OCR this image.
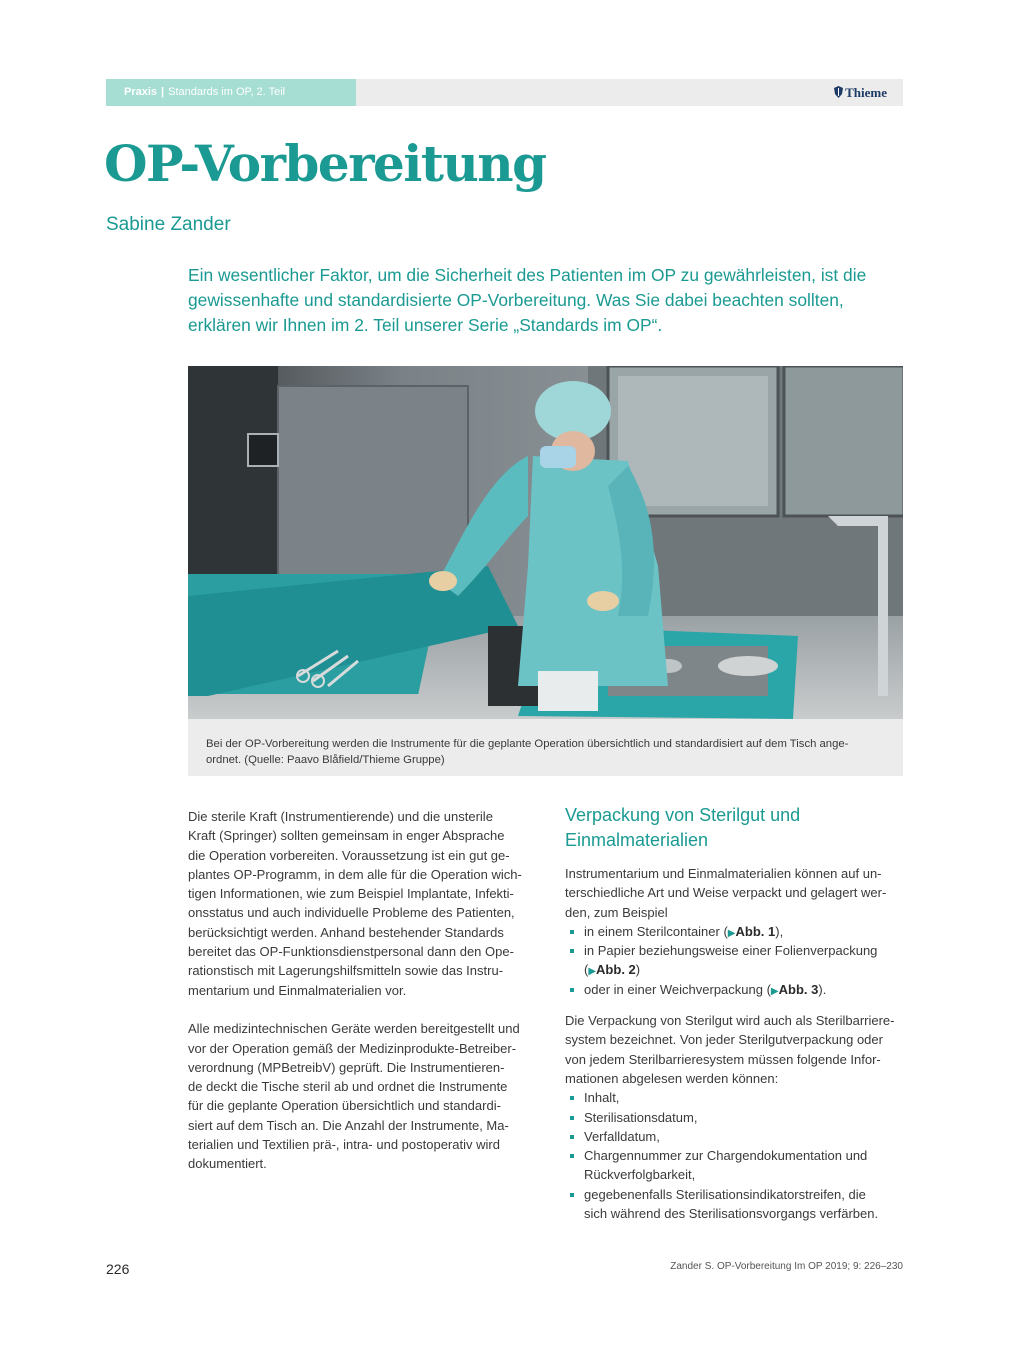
Praxis | Standards im OP, 2. Teil	Thieme
OP-Vorbereitung
Sabine Zander

Ein wesentlicher Faktor, um die Sicherheit des Patienten im OP zu gewährleisten, ist die

gewissenhafte und standardisierte OP-Vorbereitung. Was Sie dabei beachten sollten,

erklären wir Ihnen im 2. Teil unserer Serie „Standards im OP“.

Bei der OP-Vorbereitung werden die Instrumente für die geplante Operation übersichtlich und standardisiert auf dem Tisch ange-

ordnet. (Quelle: Paavo Blåfield/Thieme Gruppe)

Die sterile Kraft (Instrumentierende) und die unsterile
Kraft (Springer) sollten gemeinsam in enger Absprache
die Operation vorbereiten. Voraussetzung ist ein gut ge-
plantes OP-Programm, in dem alle für die Operation wich-
tigen Informationen, wie zum Beispiel Implantate, Infekti-
onsstatus und auch individuelle Probleme des Patienten,
berücksichtigt werden. Anhand bestehender Standards
bereitet das OP-Funktionsdienstpersonal dann den Ope-
rationstisch mit Lagerungshilfsmitteln sowie das Instru-
mentarium und Einmalmaterialien vor.
Alle medizintechnischen Geräte werden bereitgestellt und
vor der Operation gemäß der Medizinprodukte-Betreiber-
verordnung (MPBetreibV) geprüft. Die Instrumentieren-
de deckt die Tische steril ab und ordnet die Instrumente
für die geplante Operation übersichtlich und standardi-
siert auf dem Tisch an. Die Anzahl der Instrumente, Ma-
terialien und Textilien prä-, intra- und postoperativ wird
dokumentiert.

Verpackung von Sterilgut und

Einmalmaterialien

Instrumentarium und Einmalmaterialien können auf un-
terschiedliche Art und Weise verpackt und gelagert wer-
den, zum Beispiel
in einem Sterilcontainer (▶Abb. 1),
in Papier beziehungsweise einer Folienverpackung
(▶Abb. 2)
oder in einer Weichverpackung (▶Abb. 3).
Die Verpackung von Sterilgut wird auch als Sterilbarriere-
system bezeichnet. Von jeder Sterilgutverpackung oder
von jedem Sterilbarrieresystem müssen folgende Infor-
mationen abgelesen werden können:
Inhalt,
Sterilisationsdatum,
Verfalldatum,
Chargennummer zur Chargendokumentation und
Rückverfolgbarkeit,
gegebenenfalls Sterilisationsindikatorstreifen, die
sich während des Sterilisationsvorgangs verfärben.
226	Zander S. OP-Vorbereitung Im OP 2019; 9: 226–230
